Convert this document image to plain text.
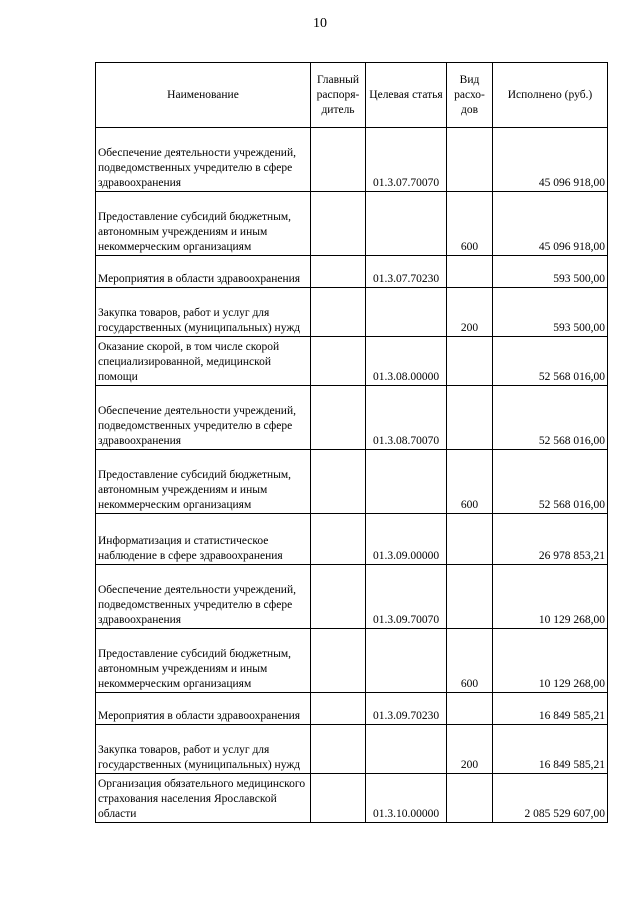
10
Наименование	Главный распоря-дитель	Целевая статья	Вид расхо-дов	Исполнено (руб.)
Обеспечение деятельности учреждений, подведомственных учредителю в сфере здравоохранения		01.3.07.70070		45 096 918,00
Предоставление субсидий бюджетным, автономным учреждениям и иным некоммерческим организациям			600	45 096 918,00
Мероприятия в области здравоохранения		01.3.07.70230		593 500,00
Закупка товаров, работ и услуг для государственных (муниципальных) нужд			200	593 500,00
Оказание скорой, в том числе скорой специализированной, медицинской помощи		01.3.08.00000		52 568 016,00
Обеспечение деятельности учреждений, подведомственных учредителю в сфере здравоохранения		01.3.08.70070		52 568 016,00
Предоставление субсидий бюджетным, автономным учреждениям и иным некоммерческим организациям			600	52 568 016,00
Информатизация и статистическое наблюдение в сфере здравоохранения		01.3.09.00000		26 978 853,21
Обеспечение деятельности учреждений, подведомственных учредителю в сфере здравоохранения		01.3.09.70070		10 129 268,00
Предоставление субсидий бюджетным, автономным учреждениям и иным некоммерческим организациям			600	10 129 268,00
Мероприятия в области здравоохранения		01.3.09.70230		16 849 585,21
Закупка товаров, работ и услуг для государственных (муниципальных) нужд			200	16 849 585,21
Организация обязательного медицинского страхования населения Ярославской области		01.3.10.00000		2 085 529 607,00
